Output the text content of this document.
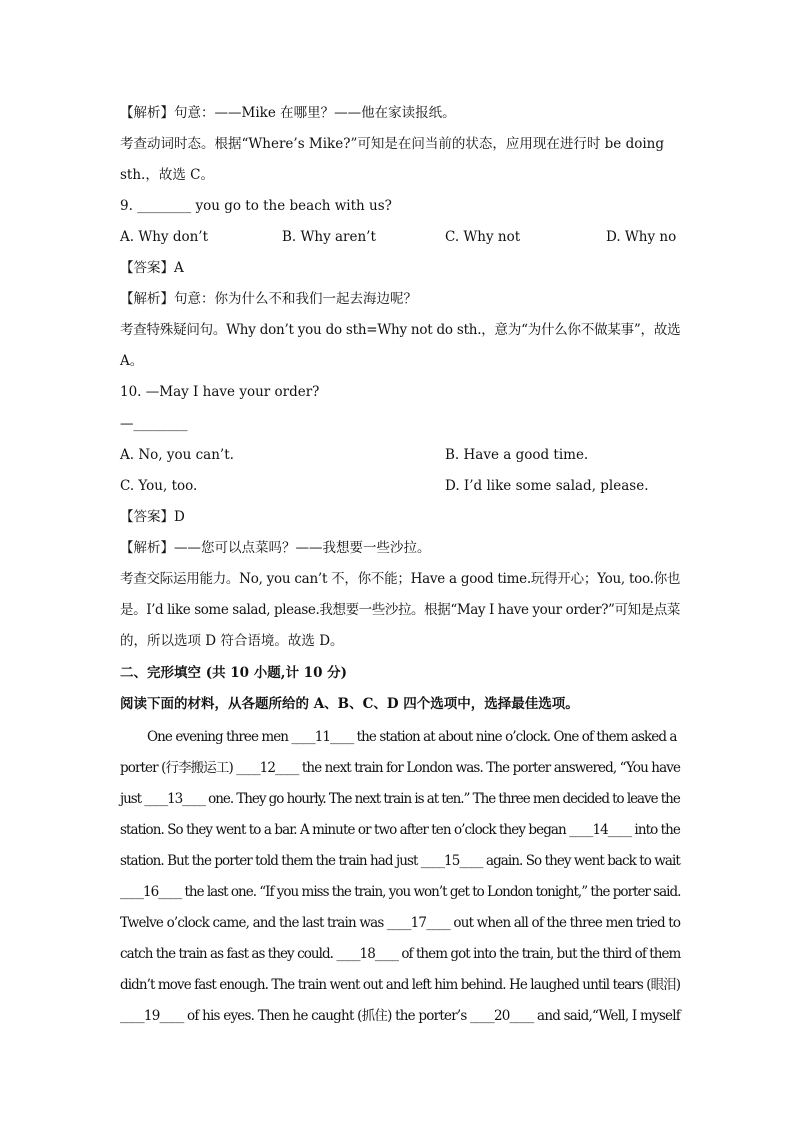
【解析】句意：——Mike 在哪里？——他在家读报纸。
考查动词时态。根据“Where’s Mike?”可知是在问当前的状态，应用现在进行时 be doing
sth.，故选 C。
9. ________ you go to the beach with us?
A. Why don’t	B. Why aren’t	C. Why not	D. Why no
【答案】A
【解析】句意：你为什么不和我们一起去海边呢？
考查特殊疑问句。Why don’t you do sth=Why not do sth.，意为“为什么你不做某事”，故选
A。
10. —May I have your order?
—________
A. No, you can’t.	B. Have a good time.
C. You, too.	D. I’d like some salad, please.
【答案】D
【解析】——您可以点菜吗？——我想要一些沙拉。
考查交际运用能力。No, you can’t 不，你不能；Have a good time.玩得开心；You, too.你也
是。I’d like some salad, please.我想要一些沙拉。根据“May I have your order?”可知是点菜
的，所以选项 D 符合语境。故选 D。
二、完形填空 (共 10 小题,计 10 分)
阅读下面的材料，从各题所给的 A、B、C、D 四个选项中，选择最佳选项。
One evening three men ____11____ the station at about nine o’clock. One of them asked a
porter (行李搬运工) ____12____ the next train for London was. The porter answered, “You have
just ____13____ one. They go hourly. The next train is at ten.” The three men decided to leave the
station. So they went to a bar. A minute or two after ten o’clock they began ____14____ into the
station. But the porter told them the train had just ____15____ again. So they went back to wait
____16____ the last one. “If you miss the train, you won’t get to London tonight,” the porter said.
Twelve o’clock came, and the last train was ____17____ out when all of the three men tried to
catch the train as fast as they could. ____18____ of them got into the train, but the third of them
didn’t move fast enough. The train went out and left him behind. He laughed until tears (眼泪)
____19____ of his eyes. Then he caught (抓住) the porter’s ____20____ and said,“Well, I myself
